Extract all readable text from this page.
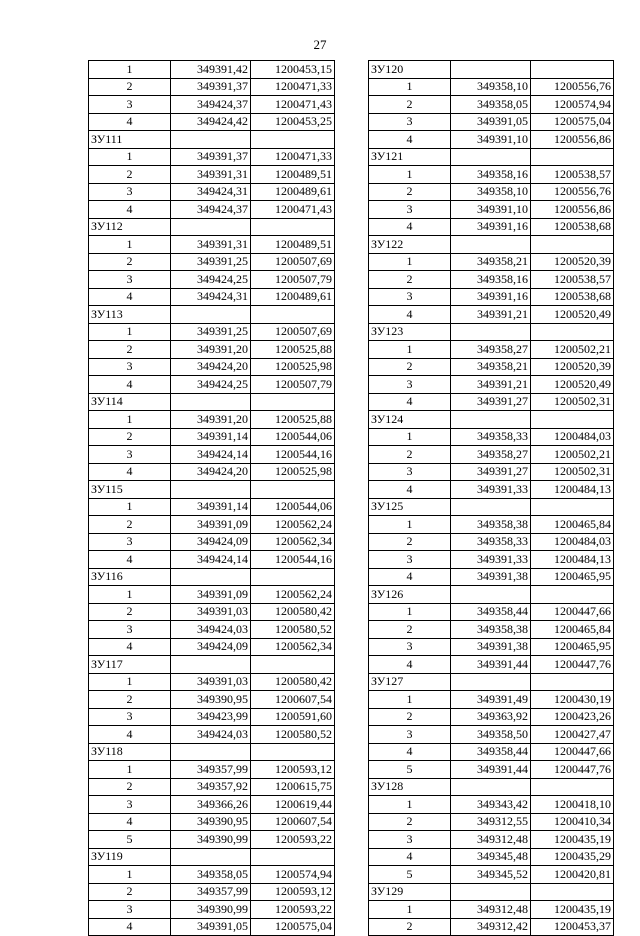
27
1	349391,42	1200453,15
2	349391,37	1200471,33
3	349424,37	1200471,43
4	349424,42	1200453,25
ЗУ111		
1	349391,37	1200471,33
2	349391,31	1200489,51
3	349424,31	1200489,61
4	349424,37	1200471,43
ЗУ112		
1	349391,31	1200489,51
2	349391,25	1200507,69
3	349424,25	1200507,79
4	349424,31	1200489,61
ЗУ113		
1	349391,25	1200507,69
2	349391,20	1200525,88
3	349424,20	1200525,98
4	349424,25	1200507,79
ЗУ114		
1	349391,20	1200525,88
2	349391,14	1200544,06
3	349424,14	1200544,16
4	349424,20	1200525,98
ЗУ115		
1	349391,14	1200544,06
2	349391,09	1200562,24
3	349424,09	1200562,34
4	349424,14	1200544,16
ЗУ116		
1	349391,09	1200562,24
2	349391,03	1200580,42
3	349424,03	1200580,52
4	349424,09	1200562,34
ЗУ117		
1	349391,03	1200580,42
2	349390,95	1200607,54
3	349423,99	1200591,60
4	349424,03	1200580,52
ЗУ118		
1	349357,99	1200593,12
2	349357,92	1200615,75
3	349366,26	1200619,44
4	349390,95	1200607,54
5	349390,99	1200593,22
ЗУ119		
1	349358,05	1200574,94
2	349357,99	1200593,12
3	349390,99	1200593,22
4	349391,05	1200575,04
ЗУ120		
1	349358,10	1200556,76
2	349358,05	1200574,94
3	349391,05	1200575,04
4	349391,10	1200556,86
ЗУ121		
1	349358,16	1200538,57
2	349358,10	1200556,76
3	349391,10	1200556,86
4	349391,16	1200538,68
ЗУ122		
1	349358,21	1200520,39
2	349358,16	1200538,57
3	349391,16	1200538,68
4	349391,21	1200520,49
ЗУ123		
1	349358,27	1200502,21
2	349358,21	1200520,39
3	349391,21	1200520,49
4	349391,27	1200502,31
ЗУ124		
1	349358,33	1200484,03
2	349358,27	1200502,21
3	349391,27	1200502,31
4	349391,33	1200484,13
ЗУ125		
1	349358,38	1200465,84
2	349358,33	1200484,03
3	349391,33	1200484,13
4	349391,38	1200465,95
ЗУ126		
1	349358,44	1200447,66
2	349358,38	1200465,84
3	349391,38	1200465,95
4	349391,44	1200447,76
ЗУ127		
1	349391,49	1200430,19
2	349363,92	1200423,26
3	349358,50	1200427,47
4	349358,44	1200447,66
5	349391,44	1200447,76
ЗУ128		
1	349343,42	1200418,10
2	349312,55	1200410,34
3	349312,48	1200435,19
4	349345,48	1200435,29
5	349345,52	1200420,81
ЗУ129		
1	349312,48	1200435,19
2	349312,42	1200453,37
